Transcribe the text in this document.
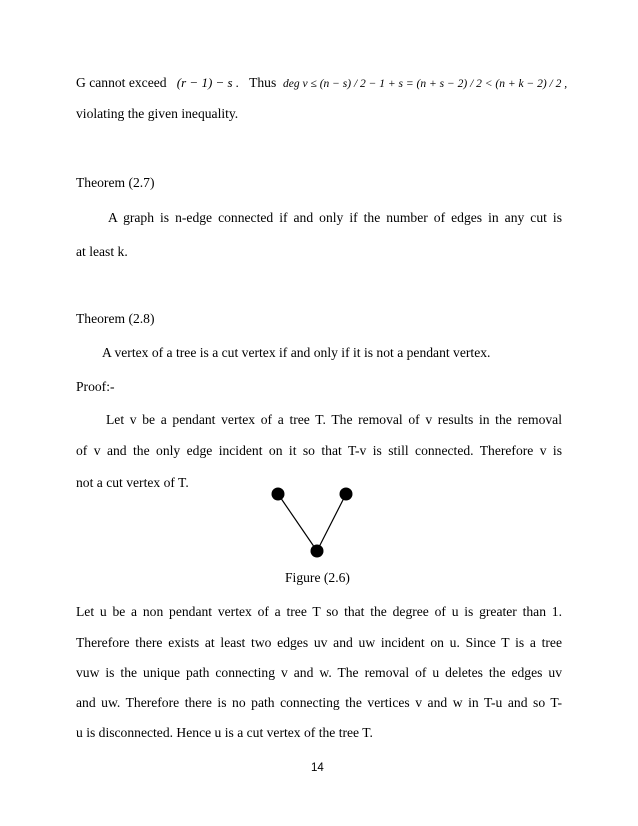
G cannot exceed (r − 1) − s . Thus deg v ≤ (n − s) / 2 − 1 + s = (n + s − 2) / 2 < (n + k − 2) / 2 ,
violating the given inequality.
Theorem (2.7)
A graph is n-edge connected if and only if the number of edges in any cut is
at least k.
Theorem (2.8)
A vertex of a tree is a cut vertex if and only if it is not a pendant vertex.
Proof:-
Let v be a pendant vertex of a tree T. The removal of v results in the removal
of v and the only edge incident on it so that T-v is still connected. Therefore v is
not a cut vertex of T.
Figure (2.6)
Let u be a non pendant vertex of a tree T so that the degree of u is greater than 1.
Therefore there exists at least two edges uv and uw incident on u. Since T is a tree
vuw is the unique path connecting v and w. The removal of u deletes the edges uv
and uw. Therefore there is no path connecting the vertices v and w in T-u and so T-
u is disconnected. Hence u is a cut vertex of the tree T.
14
